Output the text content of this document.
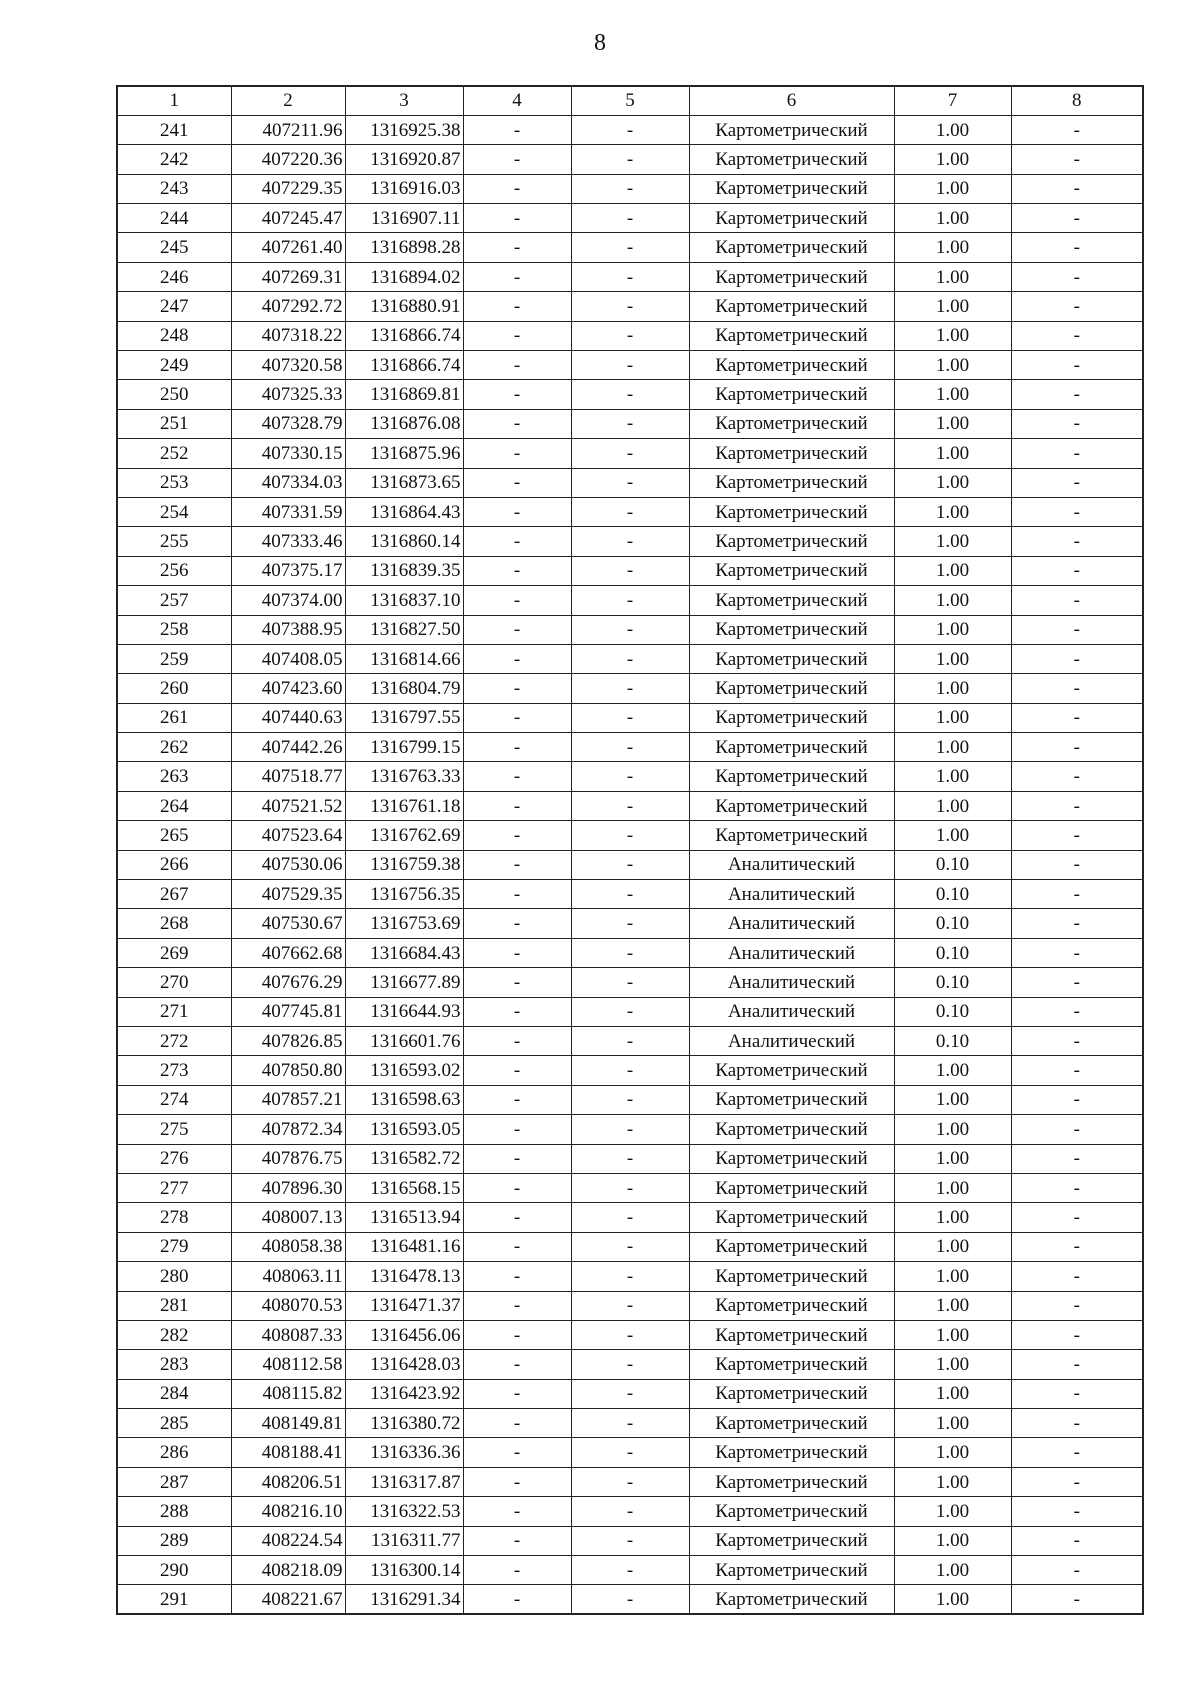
8
1	2	3	4	5	6	7	8
241	407211.96	1316925.38	-	-	Картометрический	1.00	-
242	407220.36	1316920.87	-	-	Картометрический	1.00	-
243	407229.35	1316916.03	-	-	Картометрический	1.00	-
244	407245.47	1316907.11	-	-	Картометрический	1.00	-
245	407261.40	1316898.28	-	-	Картометрический	1.00	-
246	407269.31	1316894.02	-	-	Картометрический	1.00	-
247	407292.72	1316880.91	-	-	Картометрический	1.00	-
248	407318.22	1316866.74	-	-	Картометрический	1.00	-
249	407320.58	1316866.74	-	-	Картометрический	1.00	-
250	407325.33	1316869.81	-	-	Картометрический	1.00	-
251	407328.79	1316876.08	-	-	Картометрический	1.00	-
252	407330.15	1316875.96	-	-	Картометрический	1.00	-
253	407334.03	1316873.65	-	-	Картометрический	1.00	-
254	407331.59	1316864.43	-	-	Картометрический	1.00	-
255	407333.46	1316860.14	-	-	Картометрический	1.00	-
256	407375.17	1316839.35	-	-	Картометрический	1.00	-
257	407374.00	1316837.10	-	-	Картометрический	1.00	-
258	407388.95	1316827.50	-	-	Картометрический	1.00	-
259	407408.05	1316814.66	-	-	Картометрический	1.00	-
260	407423.60	1316804.79	-	-	Картометрический	1.00	-
261	407440.63	1316797.55	-	-	Картометрический	1.00	-
262	407442.26	1316799.15	-	-	Картометрический	1.00	-
263	407518.77	1316763.33	-	-	Картометрический	1.00	-
264	407521.52	1316761.18	-	-	Картометрический	1.00	-
265	407523.64	1316762.69	-	-	Картометрический	1.00	-
266	407530.06	1316759.38	-	-	Аналитический	0.10	-
267	407529.35	1316756.35	-	-	Аналитический	0.10	-
268	407530.67	1316753.69	-	-	Аналитический	0.10	-
269	407662.68	1316684.43	-	-	Аналитический	0.10	-
270	407676.29	1316677.89	-	-	Аналитический	0.10	-
271	407745.81	1316644.93	-	-	Аналитический	0.10	-
272	407826.85	1316601.76	-	-	Аналитический	0.10	-
273	407850.80	1316593.02	-	-	Картометрический	1.00	-
274	407857.21	1316598.63	-	-	Картометрический	1.00	-
275	407872.34	1316593.05	-	-	Картометрический	1.00	-
276	407876.75	1316582.72	-	-	Картометрический	1.00	-
277	407896.30	1316568.15	-	-	Картометрический	1.00	-
278	408007.13	1316513.94	-	-	Картометрический	1.00	-
279	408058.38	1316481.16	-	-	Картометрический	1.00	-
280	408063.11	1316478.13	-	-	Картометрический	1.00	-
281	408070.53	1316471.37	-	-	Картометрический	1.00	-
282	408087.33	1316456.06	-	-	Картометрический	1.00	-
283	408112.58	1316428.03	-	-	Картометрический	1.00	-
284	408115.82	1316423.92	-	-	Картометрический	1.00	-
285	408149.81	1316380.72	-	-	Картометрический	1.00	-
286	408188.41	1316336.36	-	-	Картометрический	1.00	-
287	408206.51	1316317.87	-	-	Картометрический	1.00	-
288	408216.10	1316322.53	-	-	Картометрический	1.00	-
289	408224.54	1316311.77	-	-	Картометрический	1.00	-
290	408218.09	1316300.14	-	-	Картометрический	1.00	-
291	408221.67	1316291.34	-	-	Картометрический	1.00	-
